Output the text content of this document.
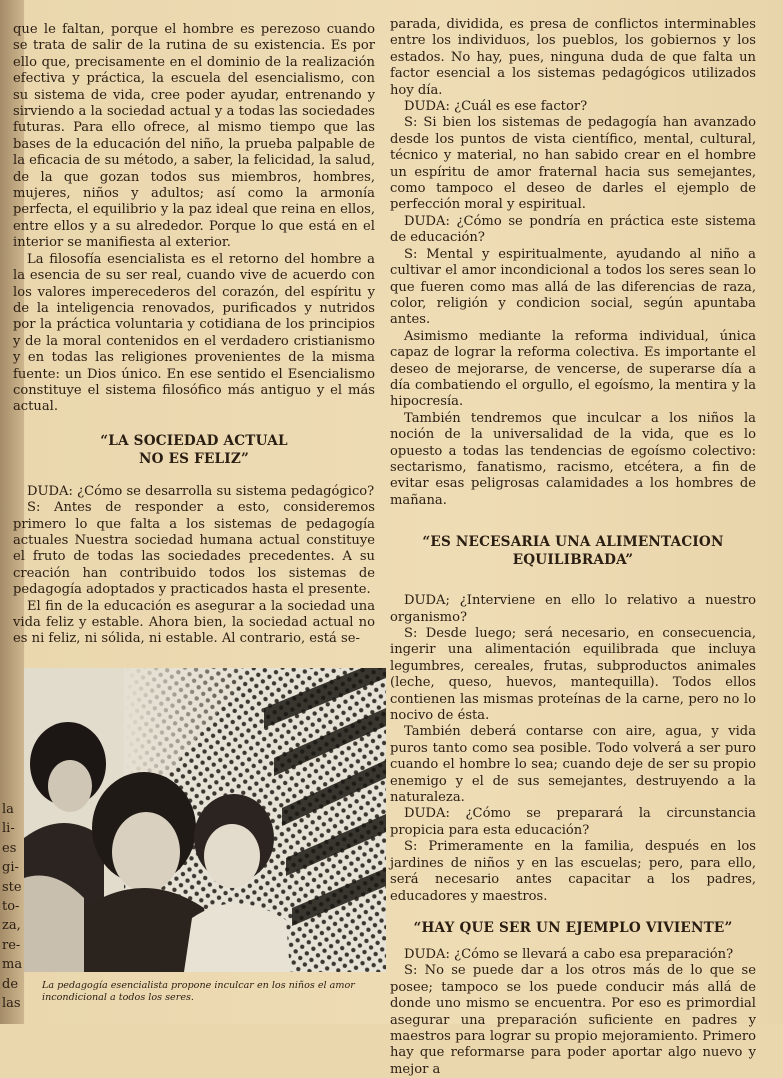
la
li-
es
gi-
ste
to-
za,
re-
ma
de
las

que le faltan, porque el hombre es perezoso cuando se trata de salir de la rutina de su existencia. Es por ello que, precisamente en el dominio de la realización efectiva y práctica, la escuela del esencialismo, con su sistema de vida, cree poder ayudar, entrenando y sirviendo a la sociedad actual y a todas las sociedades futuras. Para ello ofrece, al mismo tiempo que las bases de la educación del niño, la prueba palpable de la eficacia de su método, a saber, la felicidad, la salud, de la que gozan todos sus miembros, hombres, mujeres, niños y adultos; así como la armonía perfecta, el equilibrio y la paz ideal que reina en ellos, entre ellos y a su alrededor. Porque lo que está en el interior se manifiesta al exterior.

La filosofía esencialista es el retorno del hombre a la esencia de su ser real, cuando vive de acuerdo con los valores imperecederos del corazón, del espíritu y de la inteligencia renovados, purificados y nutridos por la práctica voluntaria y cotidiana de los principios y de la moral contenidos en el verdadero cristianismo y en todas las religiones provenientes de la misma fuente: un Dios único. En ese sentido el Esencialismo constituye el sistema filosófico más antiguo y el más actual.

“LA SOCIEDAD ACTUAL
NO ES FELIZ”

DUDA: ¿Cómo se desarrolla su sistema pedagógico?

S: Antes de responder a esto, consideremos primero lo que falta a los sistemas de pedagogía actuales Nuestra sociedad humana actual constituye el fruto de todas las sociedades precedentes. A su creación han contribuido todos los sistemas de pedagogía adoptados y practicados hasta el presente.

El fin de la educación es asegurar a la sociedad una vida feliz y estable. Ahora bien, la sociedad actual no es ni feliz, ni sólida, ni estable. Al contrario, está se-

La pedagogía esencialista propone inculcar en los niños el amor incondicional a todos los seres.

parada, dividida, es presa de conflictos interminables entre los individuos, los pueblos, los gobiernos y los estados. No hay, pues, ninguna duda de que falta un factor esencial a los sistemas pedagógicos utilizados hoy día.

DUDA: ¿Cuál es ese factor?

S: Si bien los sistemas de pedagogía han avanzado desde los puntos de vista científico, mental, cultural, técnico y material, no han sabido crear en el hombre un espíritu de amor fraternal hacia sus semejantes, como tampoco el deseo de darles el ejemplo de perfección moral y espiritual.

DUDA: ¿Cómo se pondría en práctica este sistema de educación?

S: Mental y espiritualmente, ayudando al niño a cultivar el amor incondicional a todos los seres sean lo que fueren como mas allá de las diferencias de raza, color, religión y condicion social, según apuntaba antes.

Asimismo mediante la reforma individual, única capaz de lograr la reforma colectiva. Es importante el deseo de mejorarse, de vencerse, de superarse día a día combatiendo el orgullo, el egoísmo, la mentira y la hipocresía.

También tendremos que inculcar a los niños la noción de la universalidad de la vida, que es lo opuesto a todas las tendencias de egoísmo colectivo: sectarismo, fanatismo, racismo, etcétera, a fin de evitar esas peligrosas calamidades a los hombres de mañana.

“ES NECESARIA UNA ALIMENTACION
EQUILIBRADA”

DUDA; ¿Interviene en ello lo relativo a nuestro organismo?

S: Desde luego; será necesario, en consecuencia, ingerir una alimentación equilibrada que incluya legumbres, cereales, frutas, subproductos animales (leche, queso, huevos, mantequilla). Todos ellos contienen las mismas proteínas de la carne, pero no lo nocivo de ésta.

También deberá contarse con aire, agua, y vida puros tanto como sea posible. Todo volverá a ser puro cuando el hombre lo sea; cuando deje de ser su propio enemigo y el de sus semejantes, destruyendo a la naturaleza.

DUDA: ¿Cómo se preparará la circunstancia propicia para esta educación?

S: Primeramente en la familia, después en los jardines de niños y en las escuelas; pero, para ello, será necesario antes capacitar a los padres, educadores y maestros.

“HAY QUE SER UN EJEMPLO VIVIENTE”

DUDA: ¿Cómo se llevará a cabo esa preparación?

S: No se puede dar a los otros más de lo que se posee; tampoco se los puede conducir más allá de donde uno mismo se encuentra. Por eso es primordial asegurar una preparación suficiente en padres y maestros para lograr su propio mejoramiento. Primero hay que reformarse para poder aportar algo nuevo y mejor a
